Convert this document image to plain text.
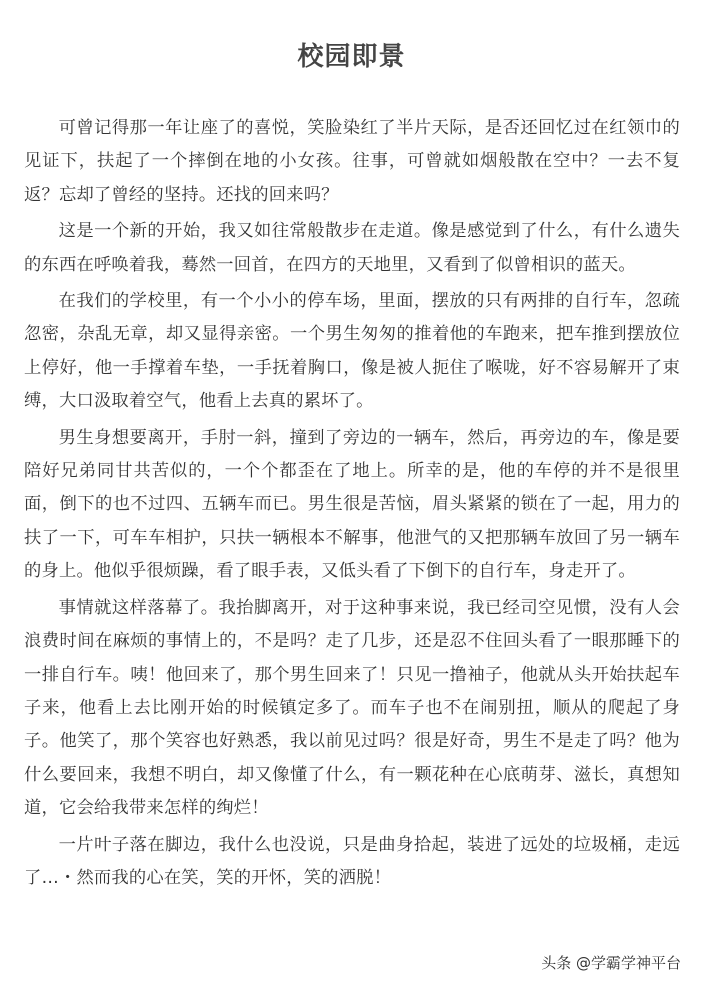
校园即景

可曾记得那一年让座了的喜悦，笑脸染红了半片天际，是否还回忆过在红领巾的见证下，扶起了一个摔倒在地的小女孩。往事，可曾就如烟般散在空中？一去不复返？忘却了曾经的坚持。还找的回来吗？

这是一个新的开始，我又如往常般散步在走道。像是感觉到了什么，有什么遗失的东西在呼唤着我，蓦然一回首，在四方的天地里，又看到了似曾相识的蓝天。

在我们的学校里，有一个小小的停车场，里面，摆放的只有两排的自行车，忽疏忽密，杂乱无章，却又显得亲密。一个男生匆匆的推着他的车跑来，把车推到摆放位上停好，他一手撑着车垫，一手抚着胸口，像是被人扼住了喉咙，好不容易解开了束缚，大口汲取着空气，他看上去真的累坏了。

男生身想要离开，手肘一斜，撞到了旁边的一辆车，然后，再旁边的车，像是要陪好兄弟同甘共苦似的，一个个都歪在了地上。所幸的是，他的车停的并不是很里面，倒下的也不过四、五辆车而已。男生很是苦恼，眉头紧紧的锁在了一起，用力的扶了一下，可车车相护，只扶一辆根本不解事，他泄气的又把那辆车放回了另一辆车的身上。他似乎很烦躁，看了眼手表，又低头看了下倒下的自行车，身走开了。

事情就这样落幕了。我抬脚离开，对于这种事来说，我已经司空见惯，没有人会浪费时间在麻烦的事情上的，不是吗？走了几步，还是忍不住回头看了一眼那睡下的一排自行车。咦！他回来了，那个男生回来了！只见一撸袖子，他就从头开始扶起车子来，他看上去比刚开始的时候镇定多了。而车子也不在闹别扭，顺从的爬起了身子。他笑了，那个笑容也好熟悉，我以前见过吗？很是好奇，男生不是走了吗？他为什么要回来，我想不明白，却又像懂了什么，有一颗花种在心底萌芽、滋长，真想知道，它会给我带来怎样的绚烂！

一片叶子落在脚边，我什么也没说，只是曲身拾起，装进了远处的垃圾桶，走远了…・然而我的心在笑，笑的开怀，笑的洒脱！

头条 @学霸学神平台
